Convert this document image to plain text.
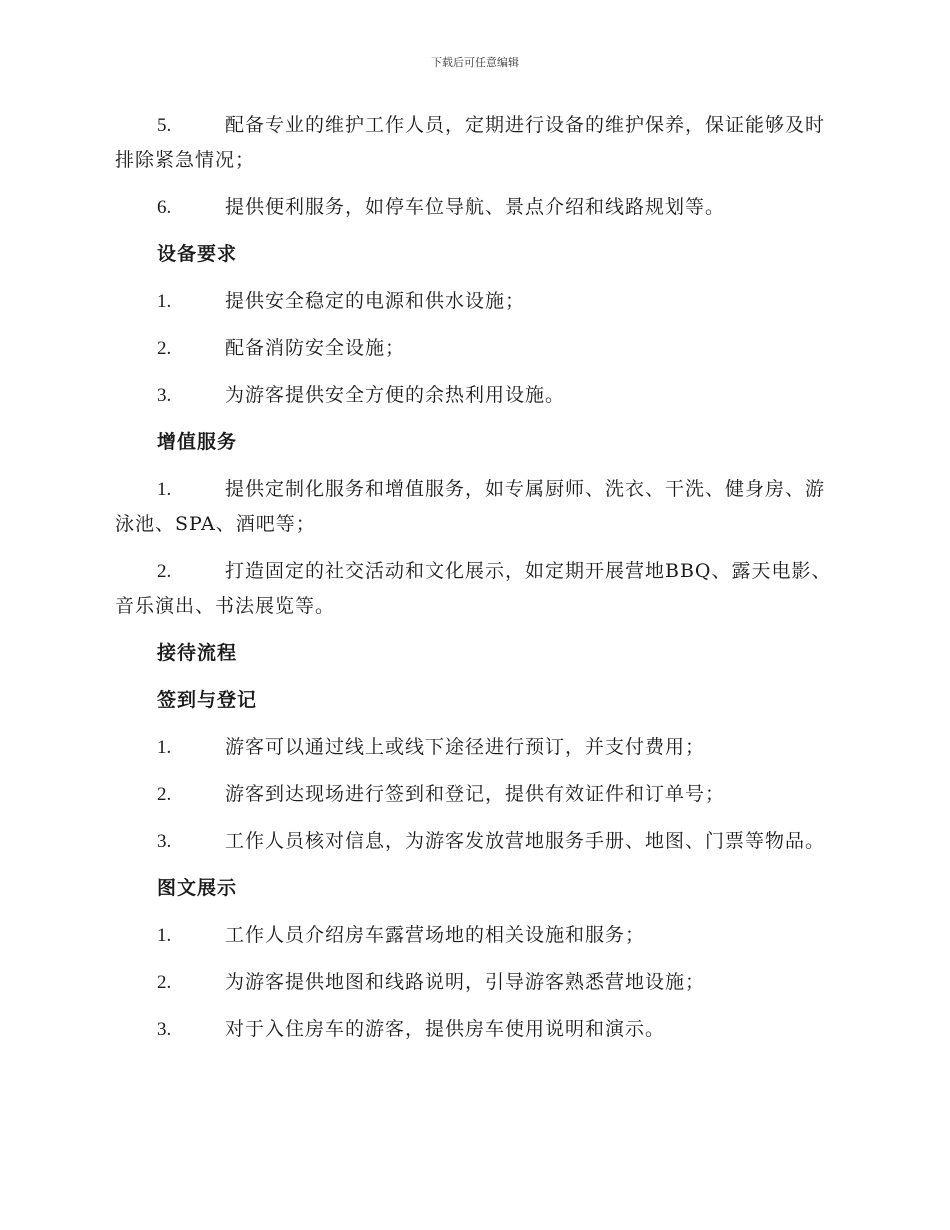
下载后可任意编辑

5.	配备专业的维护工作人员，定期进行设备的维护保养，保证能够及时排除紧急情况；

6.	提供便利服务，如停车位导航、景点介绍和线路规划等。

设备要求

1.	提供安全稳定的电源和供水设施；

2.	配备消防安全设施；

3.	为游客提供安全方便的余热利用设施。

增值服务

1.	提供定制化服务和增值服务，如专属厨师、洗衣、干洗、健身房、游泳池、SPA、酒吧等；

2.	打造固定的社交活动和文化展示，如定期开展营地BBQ、露天电影、音乐演出、书法展览等。

接待流程

签到与登记

1.	游客可以通过线上或线下途径进行预订，并支付费用；

2.	游客到达现场进行签到和登记，提供有效证件和订单号；

3.	工作人员核对信息，为游客发放营地服务手册、地图、门票等物品。

图文展示

1.	工作人员介绍房车露营场地的相关设施和服务；

2.	为游客提供地图和线路说明，引导游客熟悉营地设施；

3.	对于入住房车的游客，提供房车使用说明和演示。
